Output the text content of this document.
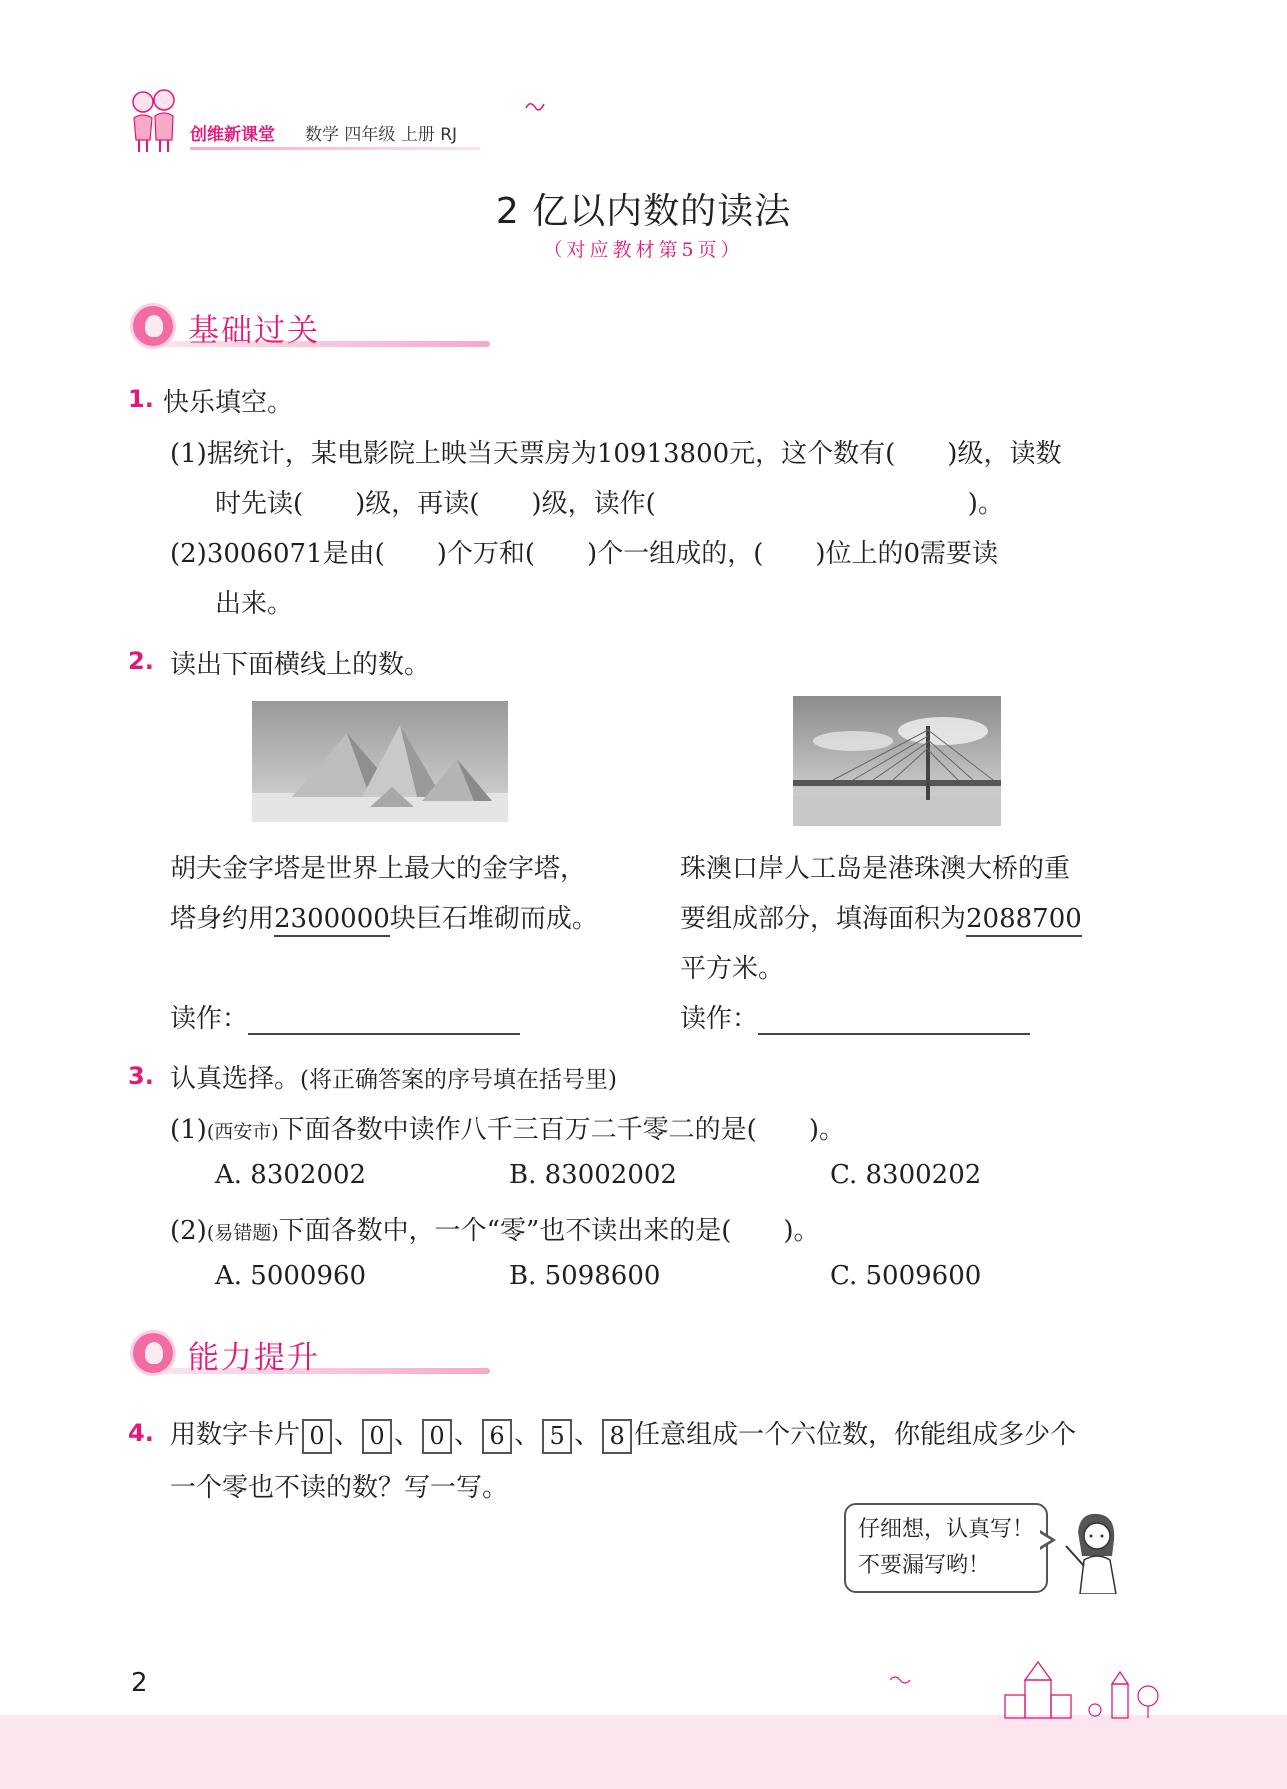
创维新课堂 数学 四年级 上册 RJ
2 亿以内数的读法
（对应教材第5页）
基础过关
1. 快乐填空。
(1)据统计，某电影院上映当天票房为10913800元，这个数有(　　)级，读数
时先读(　　)级，再读(　　)级，读作(　　　　　　　　　　　　)。
(2)3006071是由(　　)个万和(　　)个一组成的，(　　)位上的0需要读
出来。
2. 读出下面横线上的数。
胡夫金字塔是世界上最大的金字塔，
塔身约用2300000块巨石堆砌而成。
珠澳口岸人工岛是港珠澳大桥的重
要组成部分，填海面积为2088700
平方米。
读作：	读作：
3. 认真选择。(将正确答案的序号填在括号里)
(1)(西安市)下面各数中读作八千三百万二千零二的是(　　)。
A. 8302002	B. 83002002	C. 8300202
(2)(易错题)下面各数中，一个“零”也不读出来的是(　　)。
A. 5000960	B. 5098600	C. 5009600
能力提升
4. 用数字卡片 0 、 0 、 0 、 6 、 5 、 8 任意组成一个六位数，你能组成多少个
一个零也不读的数？写一写。
仔细想，认真写！
不要漏写哟！
2
